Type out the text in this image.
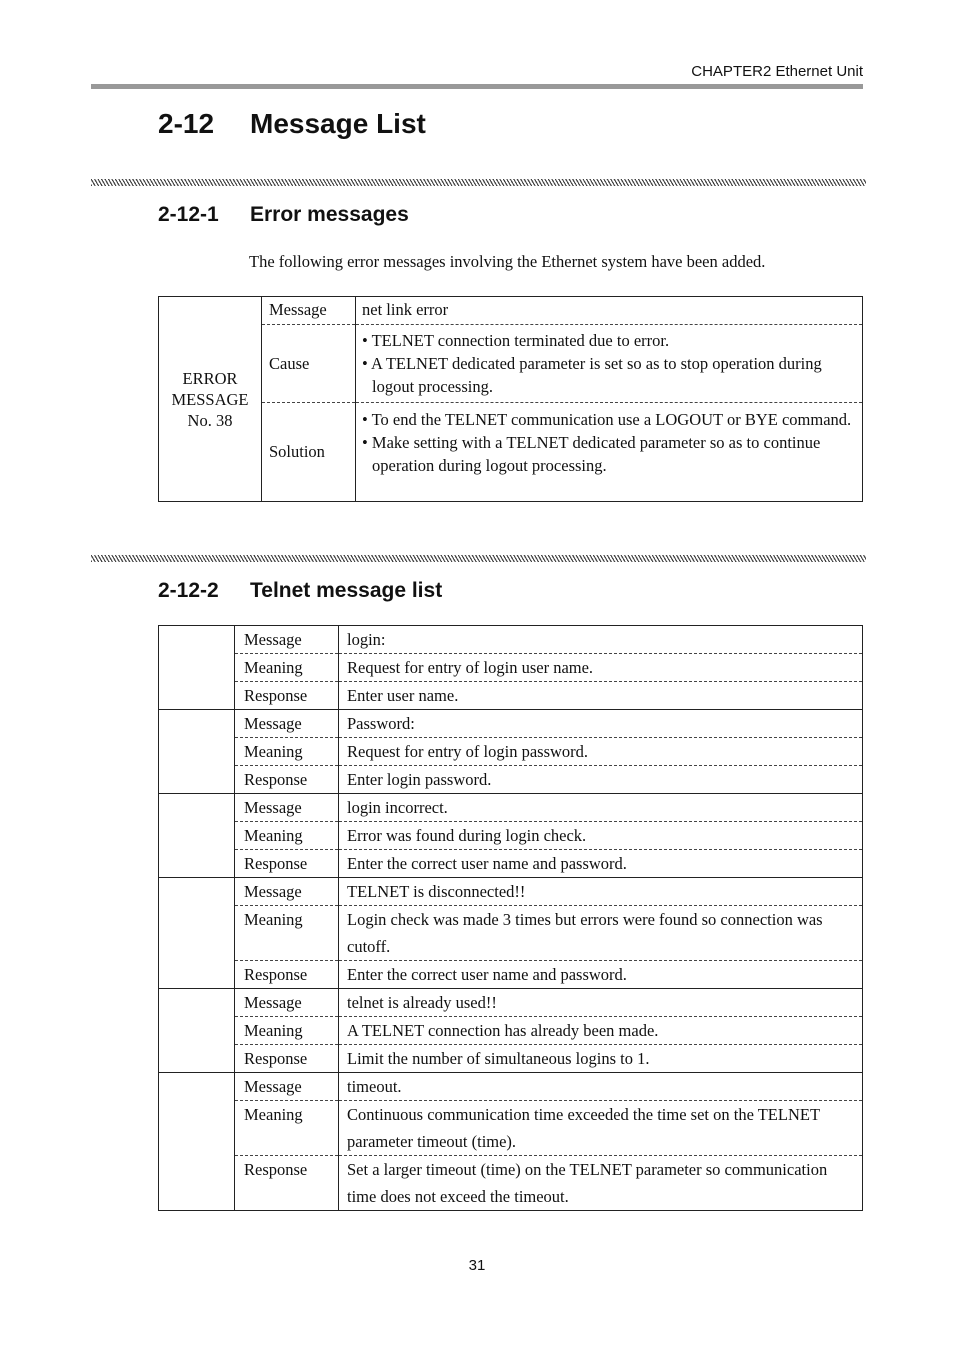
CHAPTER2 Ethernet Unit
2-12 Message List
2-12-1 Error messages
The following error messages involving the Ethernet system have been added.
ERROR
MESSAGE
No. 38	Message	net link error
	Cause	• TELNET connection terminated due to error.
• A TELNET dedicated parameter is set so as to stop operation during logout processing.

	Solution	• To end the TELNET communication use a LOGOUT or BYE command.
• Make setting with a TELNET dedicated parameter so as to continue operation during logout processing.
2-12-2 Telnet message list
	Message	login:
	Meaning	Request for entry of login user name.
	Response	Enter user name.
	Message	Password:
	Meaning	Request for entry of login password.
	Response	Enter login password.
	Message	login incorrect.
	Meaning	Error was found during login check.
	Response	Enter the correct user name and password.
	Message	TELNET is disconnected!!
	Meaning	Login check was made 3 times but errors were found so connection was cutoff.
	Response	Enter the correct user name and password.
	Message	telnet is already used!!
	Meaning	A TELNET connection has already been made.
	Response	Limit the number of simultaneous logins to 1.
	Message	timeout.
	Meaning	Continuous communication time exceeded the time set on the TELNET parameter timeout (time).
	Response	Set a larger timeout (time) on the TELNET parameter so communication time does not exceed the timeout.
31
